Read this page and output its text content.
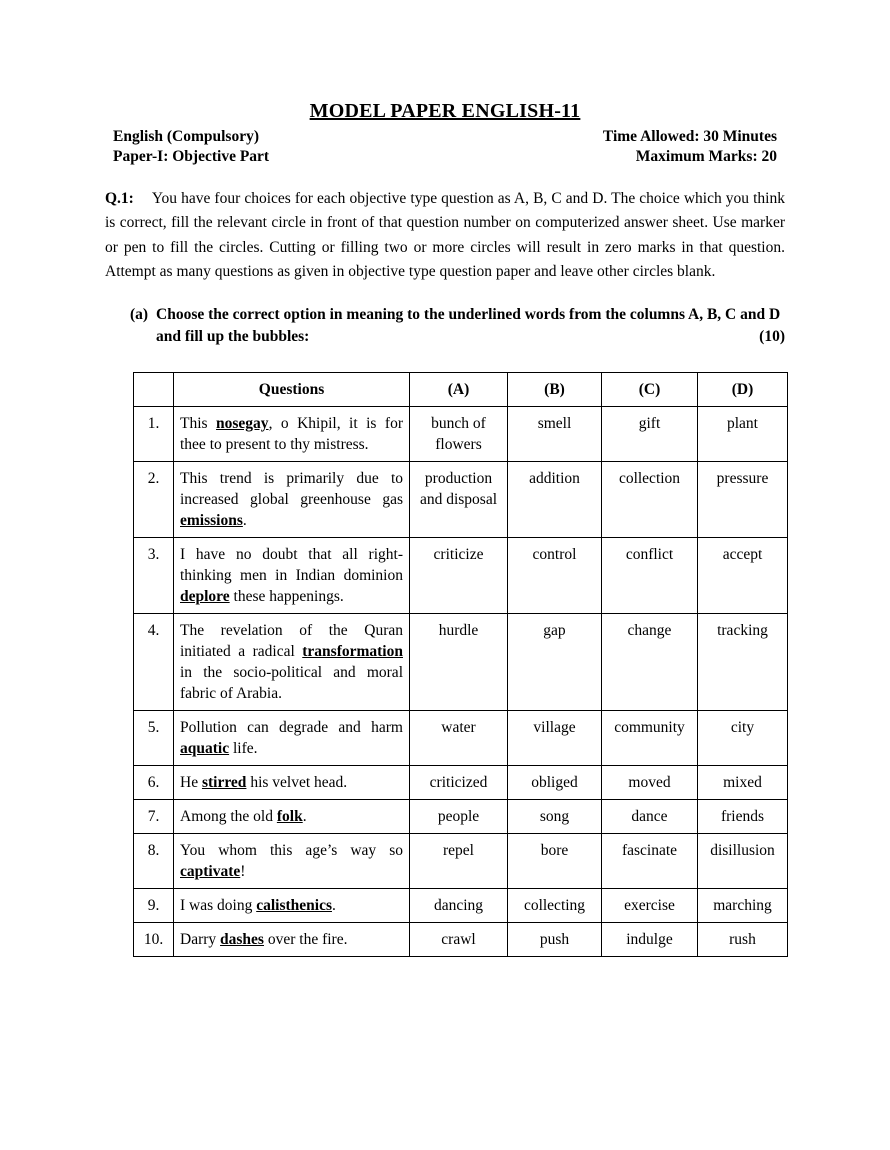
MODEL PAPER ENGLISH-11
English (Compulsory)	Time Allowed: 30 Minutes
Paper-I: Objective Part	Maximum Marks: 20

Q.1: You have four choices for each objective type question as A, B, C and D. The choice which you think is correct, fill the relevant circle in front of that question number on computerized answer sheet. Use marker or pen to fill the circles. Cutting or filling two or more circles will result in zero marks in that question. Attempt as many questions as given in objective type question paper and leave other circles blank.

(a) Choose the correct option in meaning to the underlined words from the columns A, B, C and D and fill up the bubbles:	(10)
	Questions	(A)	(B)	(C)	(D)
1.	This nosegay, o Khipil, it is for thee to present to thy mistress.	bunch of flowers	smell	gift	plant
2.	This trend is primarily due to increased global greenhouse gas emissions.	production and disposal	addition	collection	pressure
3.	I have no doubt that all right-thinking men in Indian dominion deplore these happenings.	criticize	control	conflict	accept
4.	The revelation of the Quran initiated a radical transformation in the socio-political and moral fabric of Arabia.	hurdle	gap	change	tracking
5.	Pollution can degrade and harm aquatic life.	water	village	community	city
6.	He stirred his velvet head.	criticized	obliged	moved	mixed
7.	Among the old folk.	people	song	dance	friends
8.	You whom this age’s way so captivate!	repel	bore	fascinate	disillusion
9.	I was doing calisthenics.	dancing	collecting	exercise	marching
10.	Darry dashes over the fire.	crawl	push	indulge	rush
